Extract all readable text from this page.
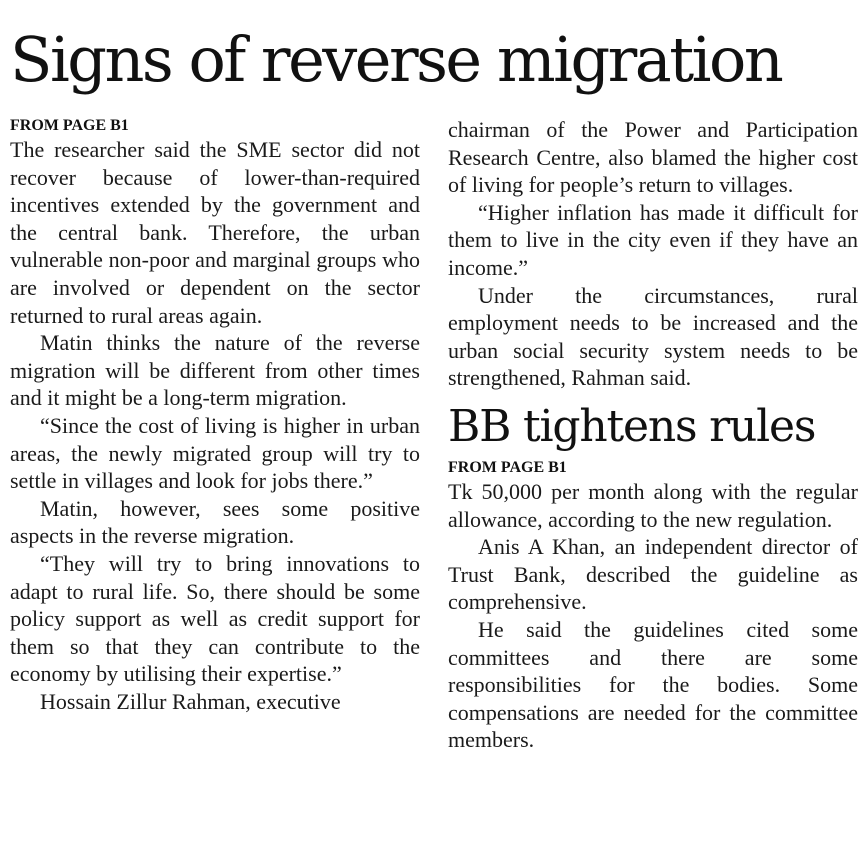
Signs of reverse migration
FROM PAGE B1

The researcher said the SME sector did not recover because of lower-than-required incentives extended by the government and the central bank. Therefore, the urban vulnerable non-poor and marginal groups who are involved or dependent on the sector returned to rural areas again.

Matin thinks the nature of the reverse migration will be different from other times and it might be a long-term migration.

“Since the cost of living is higher in urban areas, the newly migrated group will try to settle in villages and look for jobs there.”

Matin, however, sees some positive aspects in the reverse migration.

“They will try to bring innovations to adapt to rural life. So, there should be some policy support as well as credit support for them so that they can contribute to the economy by utilising their expertise.”

Hossain Zillur Rahman, executive

chairman of the Power and Participation Research Centre, also blamed the higher cost of living for people’s return to villages.

“Higher inflation has made it difficult for them to live in the city even if they have an income.”

Under the circumstances, rural employment needs to be increased and the urban social security system needs to be strengthened, Rahman said.

BB tightens rules
FROM PAGE B1

Tk 50,000 per month along with the regular allowance, according to the new regulation.

Anis A Khan, an independent director of Trust Bank, described the guideline as comprehensive.

He said the guidelines cited some committees and there are some responsibilities for the bodies. Some compensations are needed for the committee members.
